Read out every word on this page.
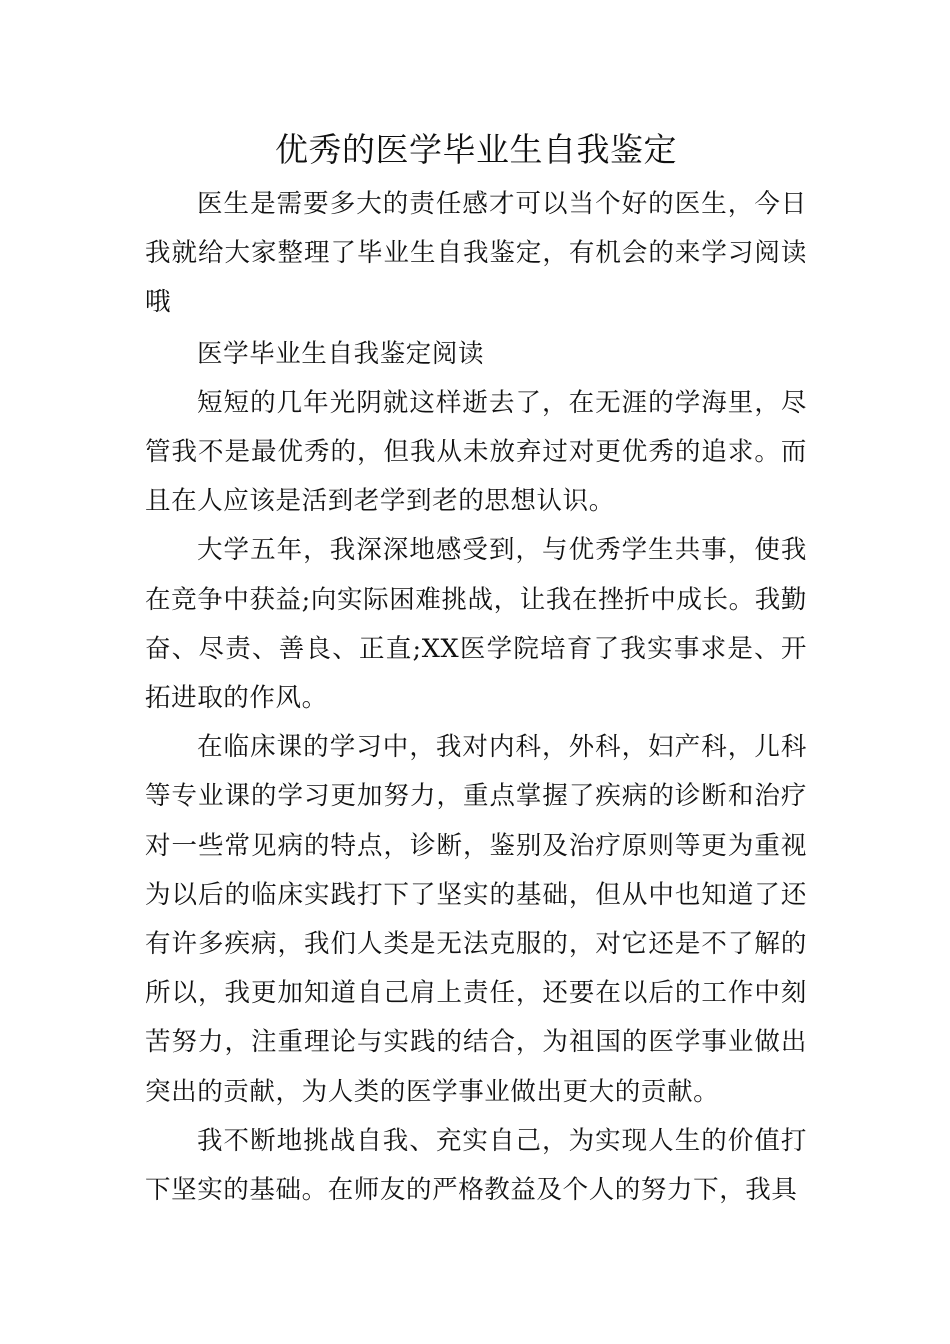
优秀的医学毕业生自我鉴定

医生是需要多大的责任感才可以当个好的医生，今日我就给大家整理了毕业生自我鉴定，有机会的来学习阅读哦

医学毕业生自我鉴定阅读

短短的几年光阴就这样逝去了，在无涯的学海里，尽管我不是最优秀的，但我从未放弃过对更优秀的追求。而且在人应该是活到老学到老的思想认识。

大学五年，我深深地感受到，与优秀学生共事，使我在竞争中获益;向实际困难挑战，让我在挫折中成长。我勤奋、尽责、善良、正直;XX医学院培育了我实事求是、开拓进取的作风。

在临床课的学习中，我对内科，外科，妇产科，儿科等专业课的学习更加努力，重点掌握了疾病的诊断和治疗对一些常见病的特点，诊断，鉴别及治疗原则等更为重视为以后的临床实践打下了坚实的基础，但从中也知道了还有许多疾病，我们人类是无法克服的，对它还是不了解的所以，我更加知道自己肩上责任，还要在以后的工作中刻苦努力，注重理论与实践的结合，为祖国的医学事业做出突出的贡献，为人类的医学事业做出更大的贡献。

我不断地挑战自我、充实自己，为实现人生的价值打下坚实的基础。在师友的严格教益及个人的努力下，我具
